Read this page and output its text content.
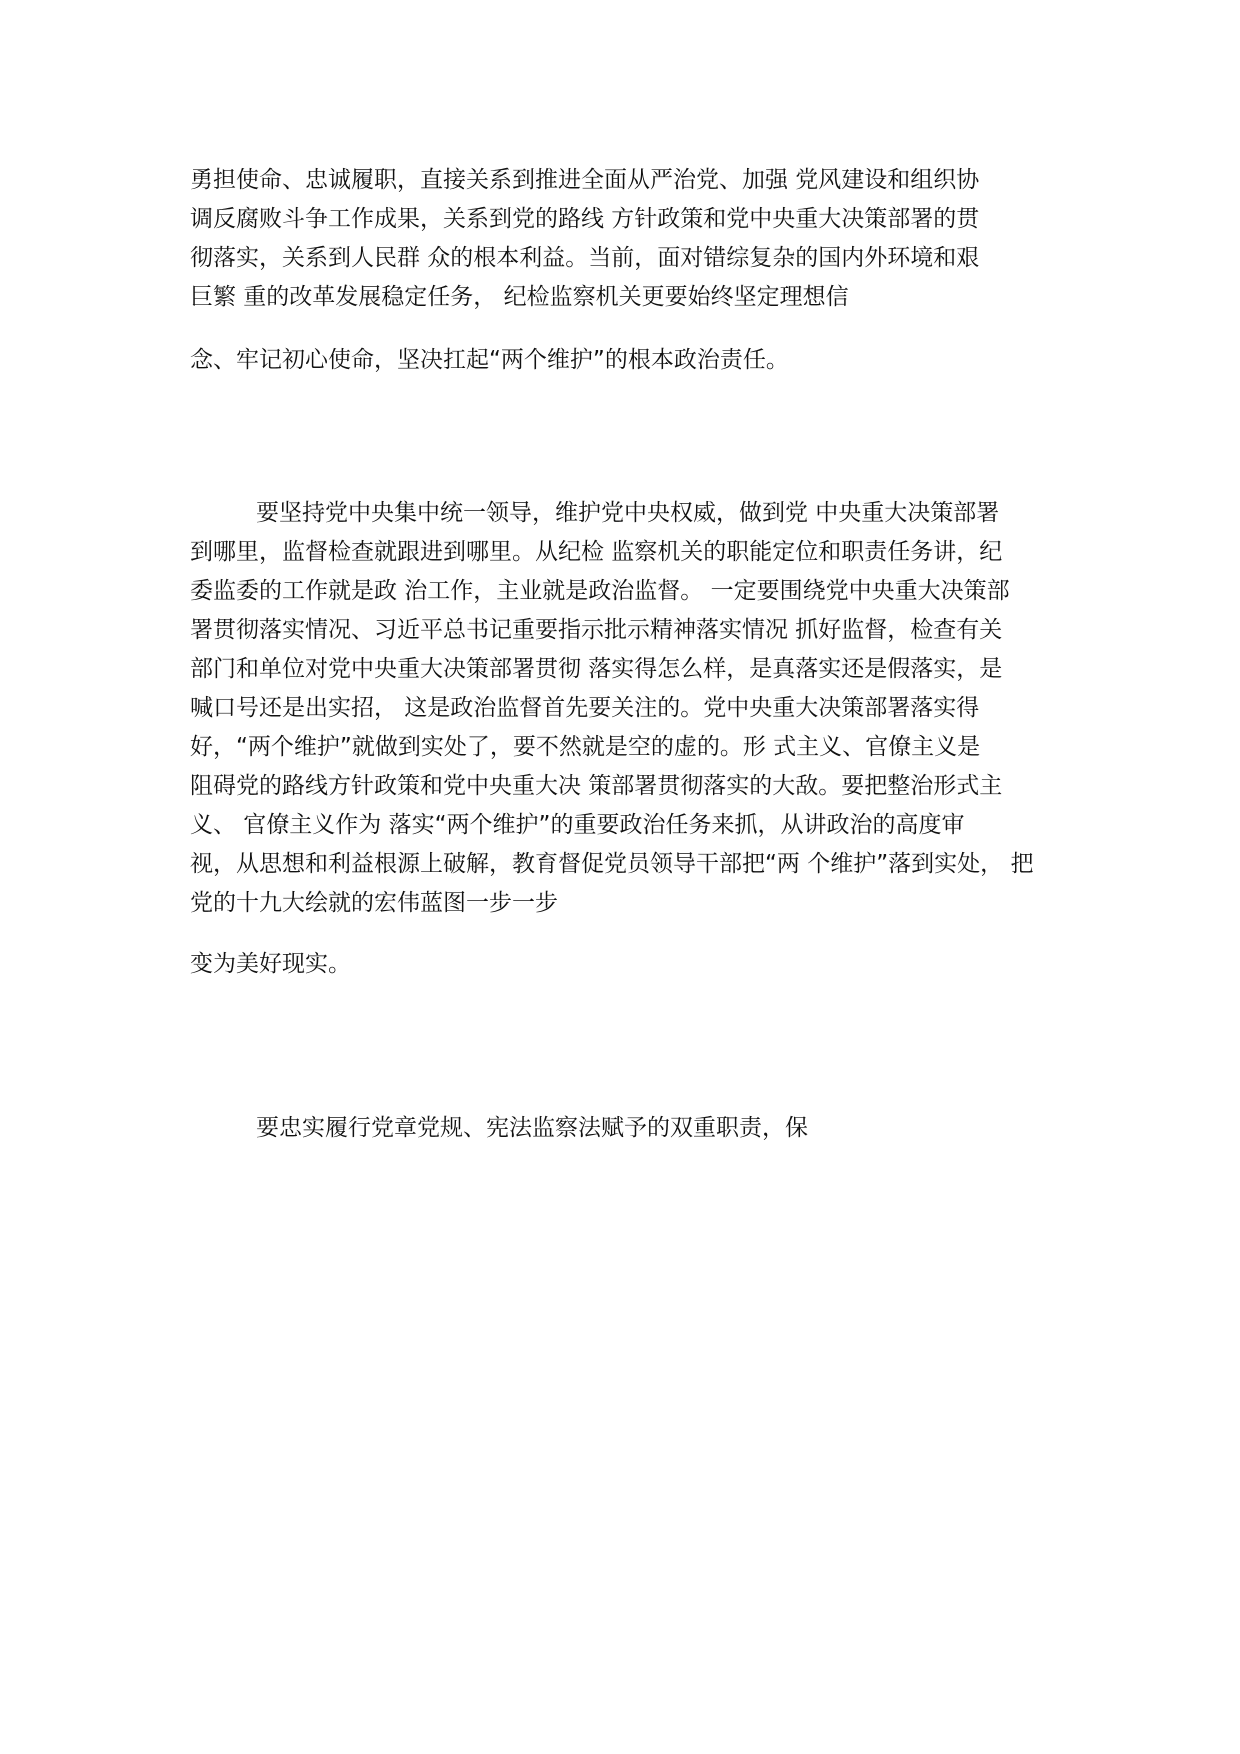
勇担使命、忠诚履职，直接关系到推进全面从严治党、加强 党风建设和组织协

调反腐败斗争工作成果，关系到党的路线 方针政策和党中央重大决策部署的贯

彻落实，关系到人民群 众的根本利益。当前，面对错综复杂的国内外环境和艰

巨繁 重的改革发展稳定任务， 纪检监察机关更要始终坚定理想信

念、牢记初心使命，坚决扛起“两个维护”的根本政治责任。

要坚持党中央集中统一领导，维护党中央权威，做到党 中央重大决策部署

到哪里，监督检查就跟进到哪里。从纪检 监察机关的职能定位和职责任务讲，纪

委监委的工作就是政 治工作，主业就是政治监督。 一定要围绕党中央重大决策部

署贯彻落实情况、习近平总书记重要指示批示精神落实情况 抓好监督，检查有关

部门和单位对党中央重大决策部署贯彻 落实得怎么样，是真落实还是假落实，是

喊口号还是出实招， 这是政治监督首先要关注的。党中央重大决策部署落实得

好，“两个维护”就做到实处了，要不然就是空的虚的。形 式主义、官僚主义是

阻碍党的路线方针政策和党中央重大决 策部署贯彻落实的大敌。要把整治形式主

义、 官僚主义作为 落实“两个维护”的重要政治任务来抓，从讲政治的高度审

视，从思想和利益根源上破解，教育督促党员领导干部把“两 个维护”落到实处， 把

党的十九大绘就的宏伟蓝图一步一步

变为美好现实。

要忠实履行党章党规、宪法监察法赋予的双重职责，保
